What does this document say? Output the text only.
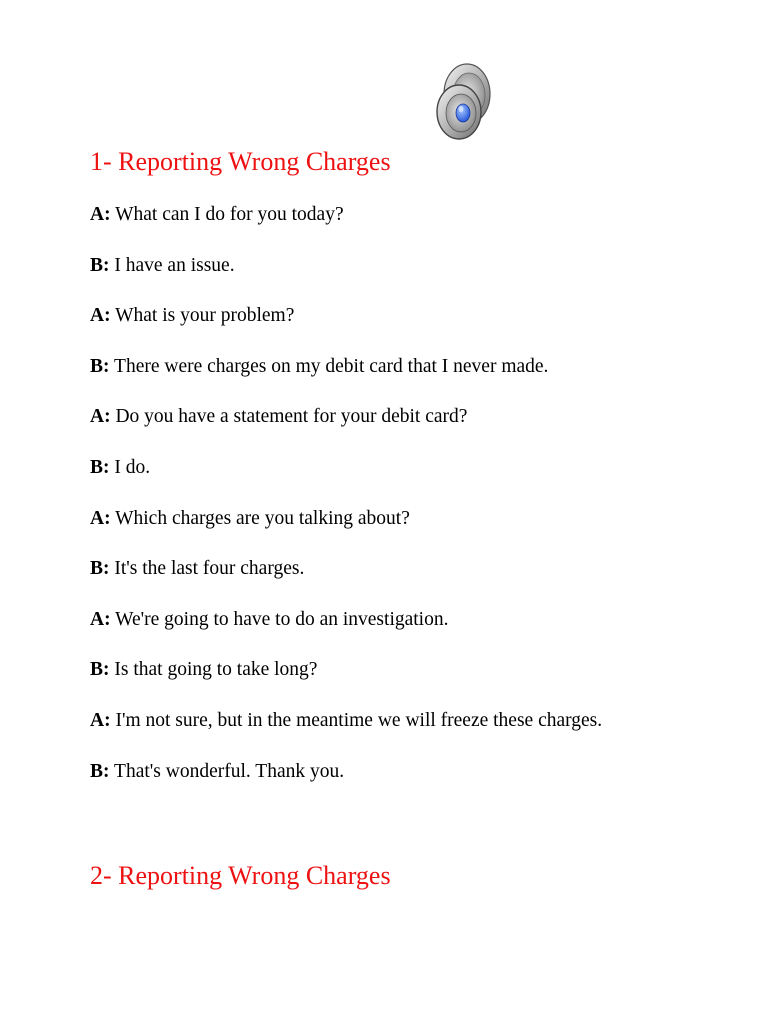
1- Reporting Wrong Charges
A: What can I do for you today?
B: I have an issue.
A: What is your problem?
B: There were charges on my debit card that I never made.
A: Do you have a statement for your debit card?
B: I do.
A: Which charges are you talking about?
B: It's the last four charges.
A: We're going to have to do an investigation.
B: Is that going to take long?
A: I'm not sure, but in the meantime we will freeze these charges.
B: That's wonderful. Thank you.
2- Reporting Wrong Charges
